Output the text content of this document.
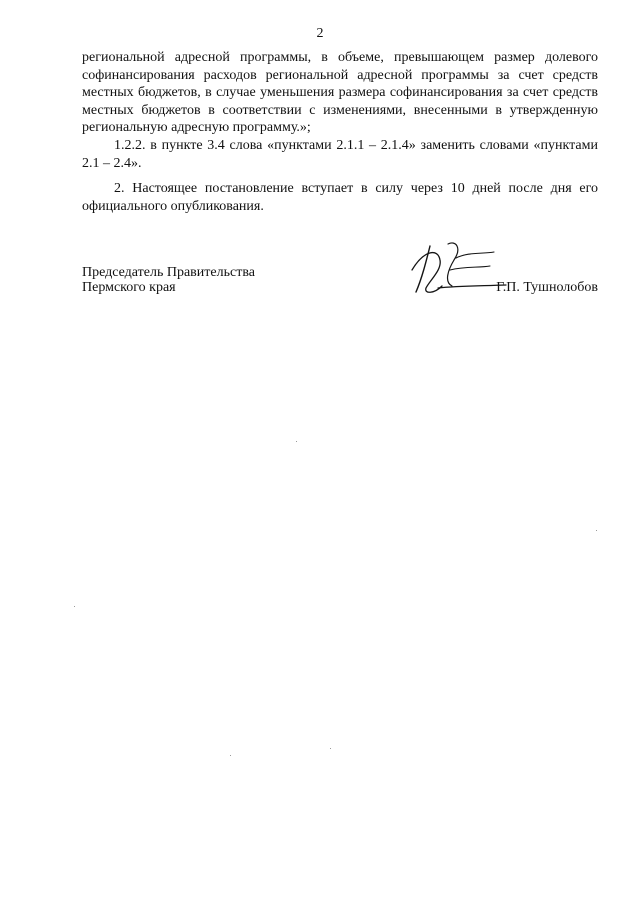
2

региональной адресной программы, в объеме, превышающем размер долевого софинансирования расходов региональной адресной программы за счет средств местных бюджетов, в случае уменьшения размера софинансирования за счет средств местных бюджетов в соответствии с изменениями, внесенными в утвержденную региональную адресную программу.»;

1.2.2. в пункте 3.4 слова «пунктами 2.1.1 – 2.1.4» заменить словами «пунктами 2.1 – 2.4».

2. Настоящее постановление вступает в силу через 10 дней после дня его официального опубликования.

Председатель Правительства
Пермского края	Г.П. Тушнолобов
